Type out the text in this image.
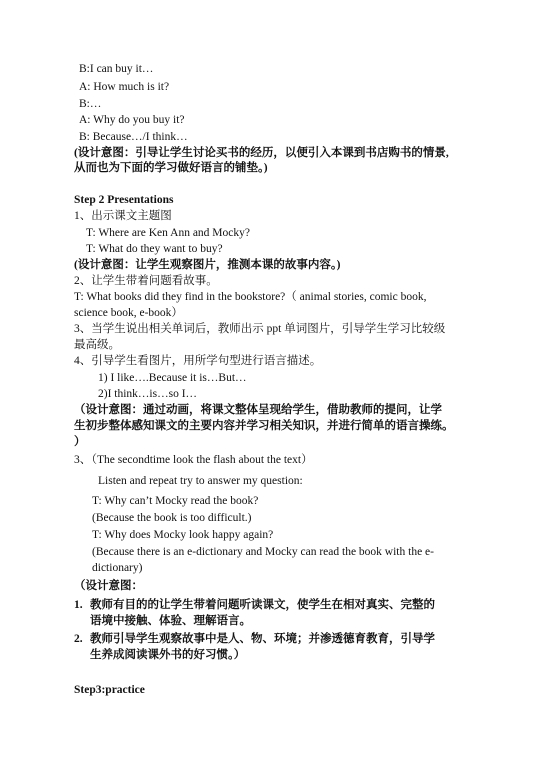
B:I can buy it…
A: How much is it?
B:…
A: Why do you buy it?
B: Because…/I think…
(设计意图：引导让学生讨论买书的经历，以便引入本课到书店购书的情景,
从而也为下面的学习做好语言的铺垫。)
Step 2 Presentations
1、出示课文主题图
T: Where are Ken Ann and Mocky?
T: What do they want to buy?
(设计意图：让学生观察图片，推测本课的故事内容。)
2、让学生带着问题看故事。
T: What books did they find in the bookstore?（ animal stories, comic book,
science book, e-book）
3、当学生说出相关单词后，教师出示 ppt 单词图片，引导学生学习比较级
最高级。
4、引导学生看图片，用所学句型进行语言描述。
1) I like….Because it is…But…
2)I think…is…so I…
（设计意图：通过动画，将课文整体呈现给学生，借助教师的提问，让学
生初步整体感知课文的主要内容并学习相关知识，并进行简单的语言操练。
）
3、（The secondtime look the flash about the text）
Listen and repeat try to answer my question:
T: Why can’t Mocky read the book?
(Because the book is too difficult.)
T: Why does Mocky look happy again?
(Because there is an e-dictionary and Mocky can read the book with the e-
dictionary)
（设计意图：
1. 教师有目的的让学生带着问题听读课文，使学生在相对真实、完整的
语境中接触、体验、理解语言。
2. 教师引导学生观察故事中是人、物、环境；并渗透德育教育，引导学
生养成阅读课外书的好习惯。）
Step3:practice
